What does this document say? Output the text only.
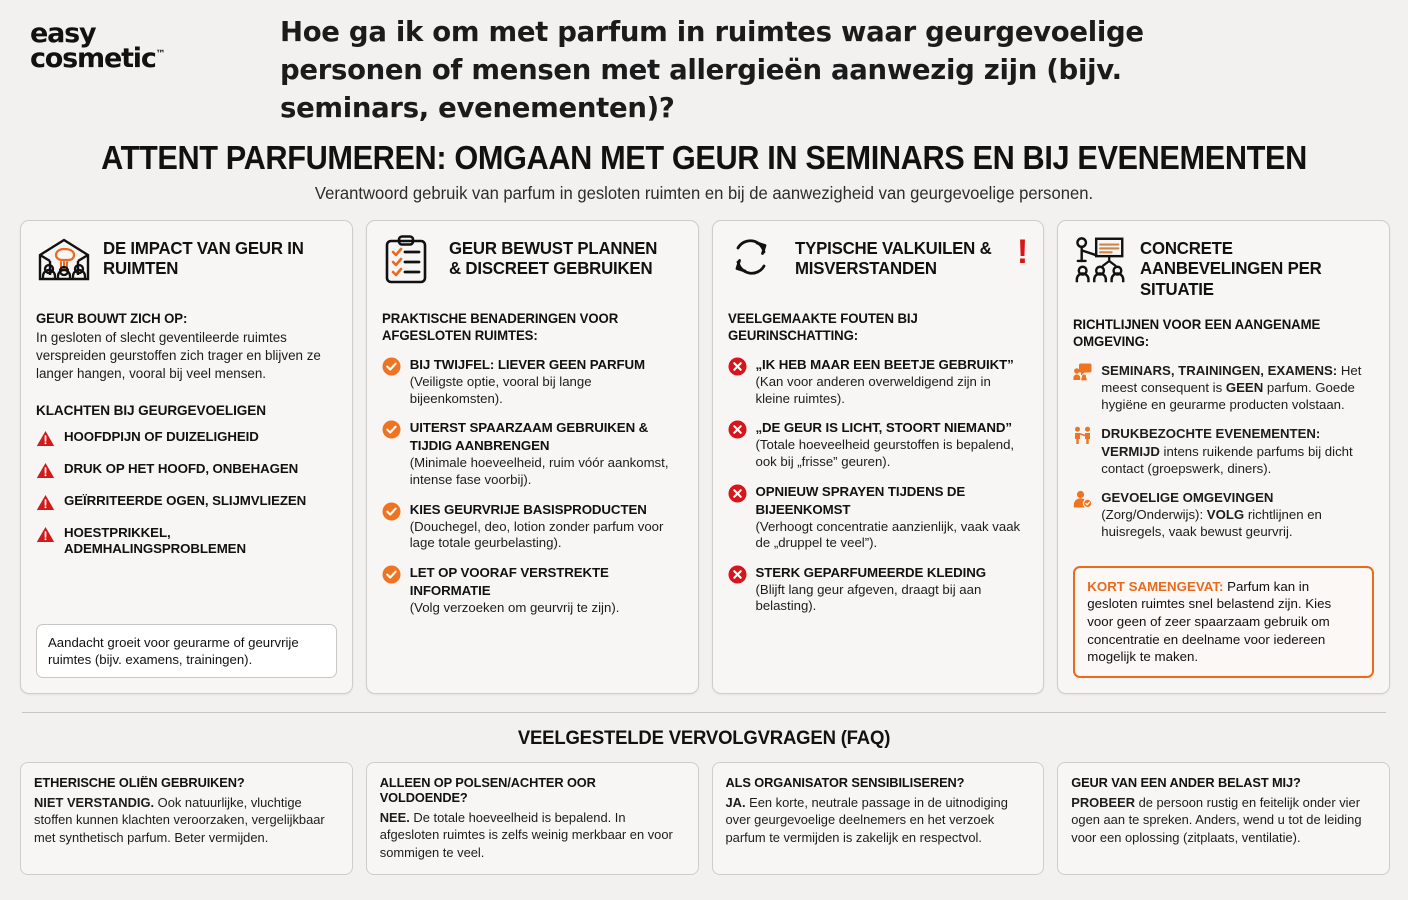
easy
cosmetic™
Hoe ga ik om met parfum in ruimtes waar geurgevoelige personen of mensen met allergieën aanwezig zijn (bijv. seminars, evenementen)?
ATTENT PARFUMEREN: OMGAAN MET GEUR IN SEMINARS EN BIJ EVENEMENTEN
Verantwoord gebruik van parfum in gesloten ruimten en bij de aanwezigheid van geurgevoelige personen.
DE IMPACT VAN GEUR IN RUIMTEN
GEUR BOUWT ZICH OP:
In gesloten of slecht geventileerde ruimtes verspreiden geurstoffen zich trager en blijven ze langer hangen, vooral bij veel mensen.
KLACHTEN BIJ GEURGEVOELIGEN
HOOFDPIJN OF DUIZELIGHEID
DRUK OP HET HOOFD, ONBEHAGEN
GEÏRRITEERDE OGEN, SLIJMVLIEZEN
HOESTPRIKKEL, ADEMHALINGSPROBLEMEN
Aandacht groeit voor geurarme of geurvrije ruimtes (bijv. examens, trainingen).
GEUR BEWUST PLANNEN & DISCREET GEBRUIKEN
PRAKTISCHE BENADERINGEN VOOR AFGESLOTEN RUIMTES:
BIJ TWIJFEL: LIEVER GEEN PARFUM
(Veiligste optie, vooral bij lange bijeenkomsten).
UITERST SPAARZAAM GEBRUIKEN & TIJDIG AANBRENGEN
(Minimale hoeveelheid, ruim vóór aankomst, intense fase voorbij).
KIES GEURVRIJE BASISPRODUCTEN
(Douchegel, deo, lotion zonder parfum voor lage totale geurbelasting).
LET OP VOORAF VERSTREKTE INFORMATIE
(Volg verzoeken om geurvrij te zijn).
TYPISCHE VALKUILEN & MISVERSTANDEN	!
VEELGEMAAKTE FOUTEN BIJ GEURINSCHATTING:
„IK HEB MAAR EEN BEETJE GEBRUIKT”
(Kan voor anderen overweldigend zijn in kleine ruimtes).
„DE GEUR IS LICHT, STOORT NIEMAND”
(Totale hoeveelheid geurstoffen is bepalend, ook bij „frisse” geuren).
OPNIEUW SPRAYEN TIJDENS DE BIJEENKOMST
(Verhoogt concentratie aanzienlijk, vaak vaak de „druppel te veel”).
STERK GEPARFUMEERDE KLEDING
(Blijft lang geur afgeven, draagt bij aan belasting).
CONCRETE AANBEVELINGEN PER SITUATIE
RICHTLIJNEN VOOR EEN AANGENAME OMGEVING:
SEMINARS, TRAININGEN, EXAMENS: Het meest consequent is GEEN parfum. Goede hygiëne en geurarme producten volstaan.
DRUKBEZOCHTE EVENEMENTEN: VERMIJD intens ruikende parfums bij dicht contact (groepswerk, diners).
GEVOELIGE OMGEVINGEN (Zorg/Onderwijs): VOLG richtlijnen en huisregels, vaak bewust geurvrij.
KORT SAMENGEVAT: Parfum kan in gesloten ruimtes snel belastend zijn. Kies voor geen of zeer spaarzaam gebruik om concentratie en deelname voor iedereen mogelijk te maken.
VEELGESTELDE VERVOLGVRAGEN (FAQ)
ETHERISCHE OLIËN GEBRUIKEN?
NIET VERSTANDIG. Ook natuurlijke, vluchtige stoffen kunnen klachten veroorzaken, vergelijkbaar met synthetisch parfum. Beter vermijden.
ALLEEN OP POLSEN/ACHTER OOR VOLDOENDE?
NEE. De totale hoeveelheid is bepalend. In afgesloten ruimtes is zelfs weinig merkbaar en voor sommigen te veel.
ALS ORGANISATOR SENSIBILISEREN?
JA. Een korte, neutrale passage in de uitnodiging over geurgevoelige deelnemers en het verzoek parfum te vermijden is zakelijk en respectvol.
GEUR VAN EEN ANDER BELAST MIJ?
PROBEER de persoon rustig en feitelijk onder vier ogen aan te spreken. Anders, wend u tot de leiding voor een oplossing (zitplaats, ventilatie).
